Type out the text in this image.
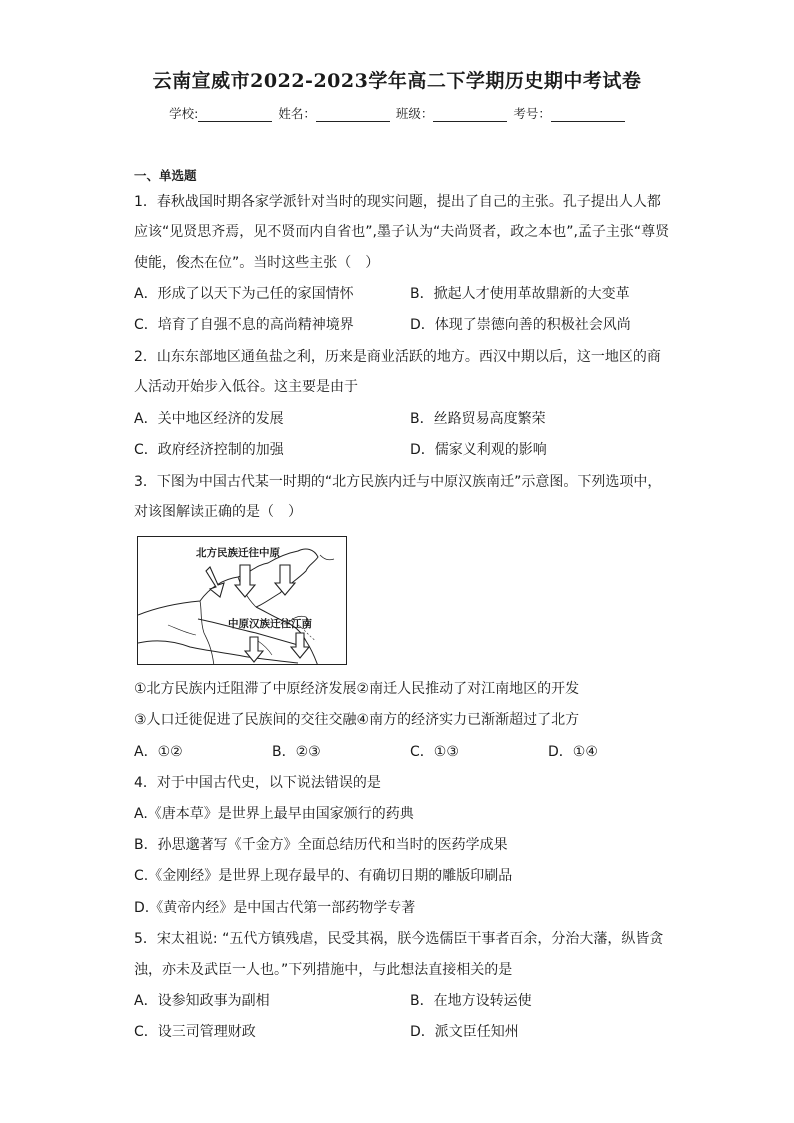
云南宣威市2022-2023学年高二下学期历史期中考试卷
学校:	姓名：	班级：	考号：
一、单选题
1．春秋战国时期各家学派针对当时的现实问题，提出了自己的主张。孔子提出人人都
应该“见贤思齐焉，见不贤而内自省也”,墨子认为“夫尚贤者，政之本也”,孟子主张“尊贤
使能，俊杰在位”。当时这些主张（　）
A．形成了以天下为己任的家国情怀	B．掀起人才使用革故鼎新的大变革
C．培育了自强不息的高尚精神境界	D．体现了崇德向善的积极社会风尚
2．山东东部地区通鱼盐之利，历来是商业活跃的地方。西汉中期以后，这一地区的商
人活动开始步入低谷。这主要是由于
A．关中地区经济的发展	B．丝路贸易高度繁荣
C．政府经济控制的加强	D．儒家义利观的影响
3．下图为中国古代某一时期的“北方民族内迁与中原汉族南迁”示意图。下列选项中，
对该图解读正确的是（　）
北方民族迁往中原
中原汉族迁往江南
①北方民族内迁阻滞了中原经济发展②南迁人民推动了对江南地区的开发
③人口迁徙促进了民族间的交往交融④南方的经济实力已渐渐超过了北方
A．①②	B．②③	C．①③	D．①④
4．对于中国古代史，以下说法错误的是
A.《唐本草》是世界上最早由国家颁行的药典
B．孙思邈著写《千金方》全面总结历代和当时的医药学成果
C.《金刚经》是世界上现存最早的、有确切日期的雕版印刷品
D.《黄帝内经》是中国古代第一部药物学专著
5．宋太祖说: “五代方镇残虐，民受其祸，朕今选儒臣干事者百余，分治大藩，纵皆贪
浊，亦未及武臣一人也。”下列措施中，与此想法直接相关的是
A．设参知政事为副相	B．在地方设转运使
C．设三司管理财政	D．派文臣任知州
